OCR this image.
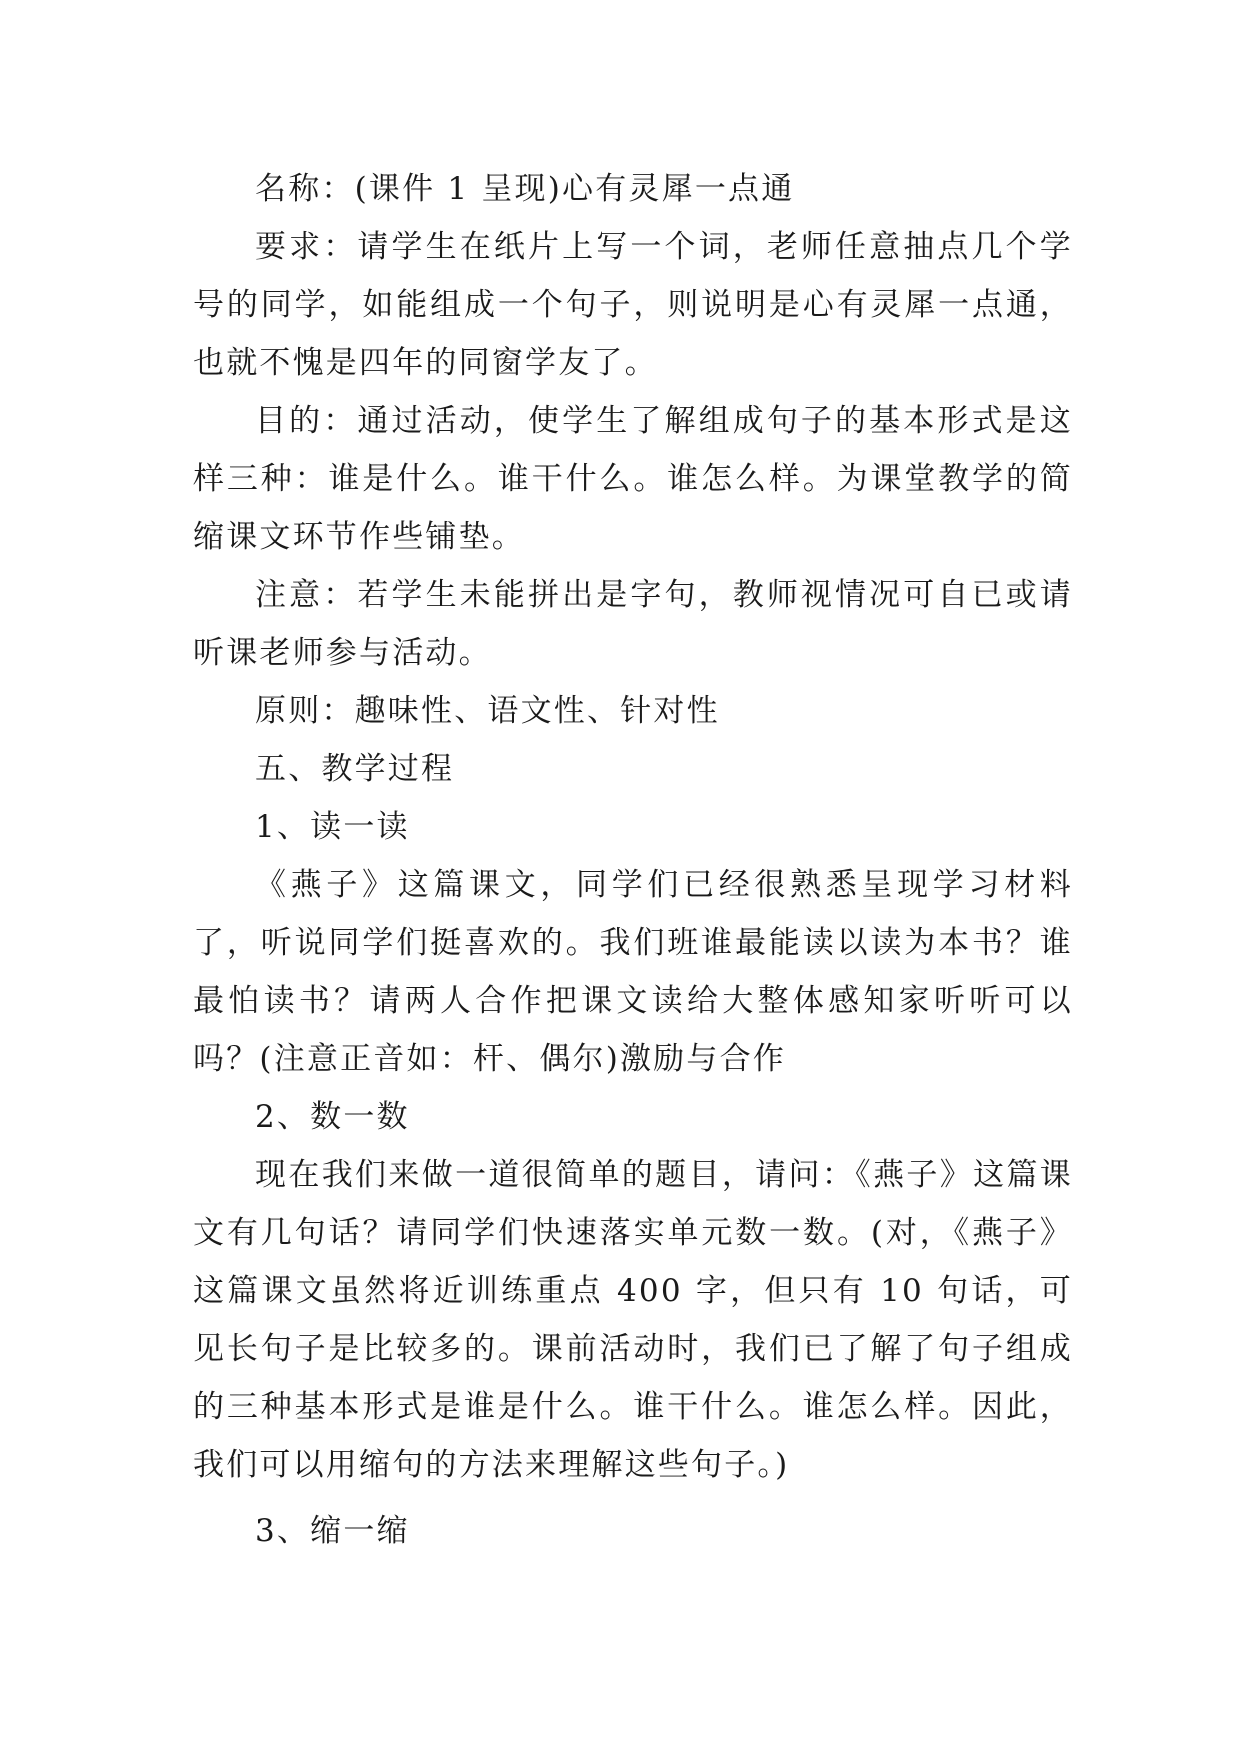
名称：(课件 1 呈现)心有灵犀一点通

要求：请学生在纸片上写一个词，老师任意抽点几个学号的同学，如能组成一个句子，则说明是心有灵犀一点通，也就不愧是四年的同窗学友了。

目的：通过活动，使学生了解组成句子的基本形式是这样三种：谁是什么。谁干什么。谁怎么样。为课堂教学的简缩课文环节作些铺垫。

注意：若学生未能拼出是字句，教师视情况可自已或请听课老师参与活动。

原则：趣味性、语文性、针对性

五、教学过程

1、读一读

《燕子》这篇课文，同学们已经很熟悉呈现学习材料了，听说同学们挺喜欢的。我们班谁最能读以读为本书？谁最怕读书？请两人合作把课文读给大整体感知家听听可以吗？(注意正音如：杆、偶尔)激励与合作

2、数一数

现在我们来做一道很简单的题目，请问：《燕子》这篇课文有几句话？请同学们快速落实单元数一数。(对，《燕子》这篇课文虽然将近训练重点 400 字，但只有 10 句话，可见长句子是比较多的。课前活动时，我们已了解了句子组成的三种基本形式是谁是什么。谁干什么。谁怎么样。因此，我们可以用缩句的方法来理解这些句子。)

3、缩一缩
